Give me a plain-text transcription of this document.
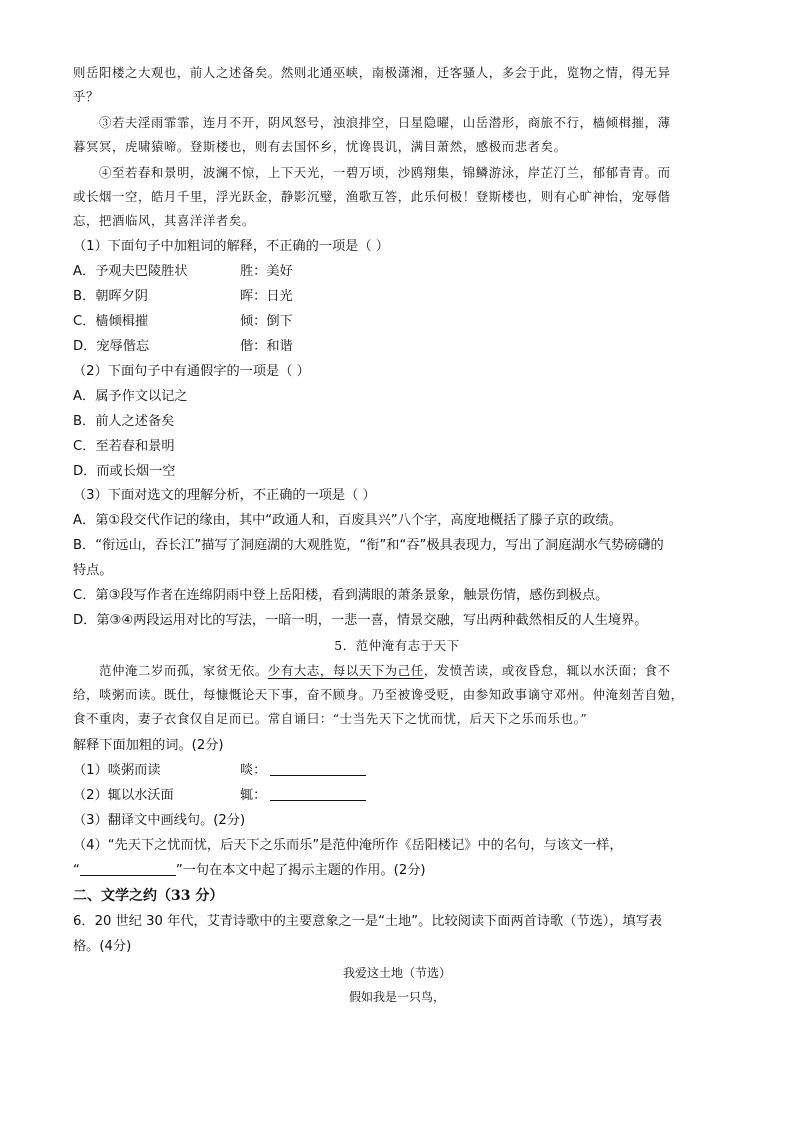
则岳阳楼之大观也，前人之述备矣。然则北通巫峡，南极潇湘，迁客骚人，多会于此，览物之情，得无异
乎？
③若夫淫雨霏霏，连月不开，阴风怒号，浊浪排空，日星隐曜，山岳潜形，商旅不行，樯倾楫摧，薄
暮冥冥，虎啸猿啼。登斯楼也，则有去国怀乡，忧谗畏讥，满目萧然，感极而悲者矣。
④至若春和景明，波澜不惊，上下天光，一碧万顷，沙鸥翔集，锦鳞游泳，岸芷汀兰，郁郁青青。而
或长烟一空，皓月千里，浮光跃金，静影沉璧，渔歌互答，此乐何极！登斯楼也，则有心旷神怡，宠辱偕
忘，把酒临风，其喜洋洋者矣。
（1）下面句子中加粗词的解释，不正确的一项是（ ）
A．予观夫巴陵胜状	胜：美好
B．朝晖夕阴	晖：日光
C．樯倾楫摧	倾：倒下
D．宠辱偕忘	偕：和谐
（2）下面句子中有通假字的一项是（ ）
A．属予作文以记之
B．前人之述备矣
C．至若春和景明
D．而或长烟一空
（3）下面对选文的理解分析，不正确的一项是（ ）
A．第①段交代作记的缘由，其中“政通人和，百废具兴”八个字，高度地概括了滕子京的政绩。
B．“衔远山，吞长江”描写了洞庭湖的大观胜览，“衔”和“吞”极具表现力，写出了洞庭湖水气势磅礴的
特点。
C．第③段写作者在连绵阴雨中登上岳阳楼，看到满眼的萧条景象，触景伤情，感伤到极点。
D．第③④两段运用对比的写法，一暗一明，一悲一喜，情景交融，写出两种截然相反的人生境界。
5．范仲淹有志于天下
范仲淹二岁而孤，家贫无依。少有大志，每以天下为己任，发愤苦读，或夜昏怠，辄以水沃面；食不
给，啖粥而读。既仕，每慷慨论天下事，奋不顾身。乃至被谗受贬，由参知政事谪守邓州。仲淹刻苦自勉，
食不重肉，妻子衣食仅自足而已。常自诵曰：“士当先天下之忧而忧，后天下之乐而乐也。”
解释下面加粗的词。(2分)
（1）啖粥而读	啖：
（2）辄以水沃面	辄：
（3）翻译文中画线句。(2分)
（4）“先天下之忧而忧，后天下之乐而乐”是范仲淹所作《岳阳楼记》中的名句，与该文一样，
“	”一句在本文中起了揭示主题的作用。(2分)
二、文学之约（33 分）
6．20 世纪 30 年代，艾青诗歌中的主要意象之一是“土地”。比较阅读下面两首诗歌（节选），填写表
格。(4分)
我爱这土地（节选）
假如我是一只鸟，
